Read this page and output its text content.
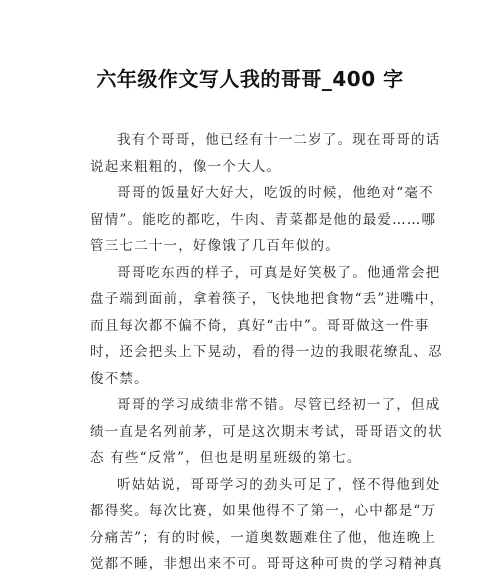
六年级作文写人我的哥哥_400 字
我有个哥哥，他已经有十一二岁了。现在哥哥的话
说起来粗粗的，像一个大人。
哥哥的饭量好大好大，吃饭的时候，他绝对“毫不
留情”。能吃的都吃，牛肉、青菜都是他的最爱……哪
管三七二十一，好像饿了几百年似的。
哥哥吃东西的样子，可真是好笑极了。他通常会把
盘子端到面前，拿着筷子，飞快地把食物“丢”进嘴中，
而且每次都不偏不倚，真好“击中”。哥哥做这一件事
时，还会把头上下晃动，看的得一边的我眼花缭乱、忍
俊不禁。
哥哥的学习成绩非常不错。尽管已经初一了，但成
绩一直是名列前茅，可是这次期末考试，哥哥语文的状
态 有些“反常”，但也是明星班级的第七。
听姑姑说，哥哥学习的劲头可足了，怪不得他到处
都得奖。每次比赛，如果他得不了第一，心中都是“万
分痛苦”；有的时候，一道奥数题难住了他，他连晚上
觉都不睡，非想出来不可。哥哥这种可贵的学习精神真
